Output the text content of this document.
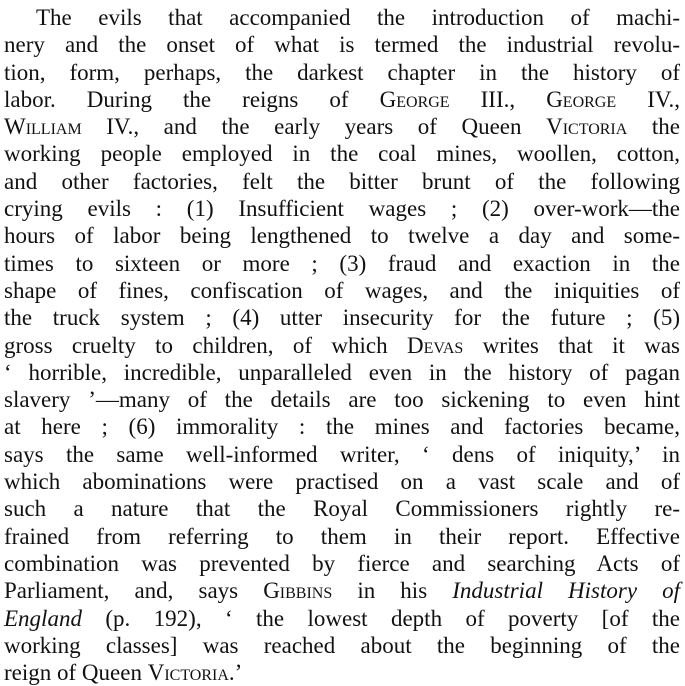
The evils that accompanied the introduction of machi-
nery and the onset of what is termed the industrial revolu-
tion, form, perhaps, the darkest chapter in the history of
labor. During the reigns of George III., George IV.,
William IV., and the early years of Queen Victoria the
working people employed in the coal mines, woollen, cotton,
and other factories, felt the bitter brunt of the following
crying evils : (1) Insufficient wages ; (2) over-work—the
hours of labor being lengthened to twelve a day and some-
times to sixteen or more ; (3) fraud and exaction in the
shape of fines, confiscation of wages, and the iniquities of
the truck system ; (4) utter insecurity for the future ; (5)
gross cruelty to children, of which Devas writes that it was
‘ horrible, incredible, unparalleled even in the history of pagan
slavery ’—many of the details are too sickening to even hint
at here ; (6) immorality : the mines and factories became,
says the same well-informed writer, ‘ dens of iniquity,’ in
which abominations were practised on a vast scale and of
such a nature that the Royal Commissioners rightly re-
frained from referring to them in their report. Effective
combination was prevented by fierce and searching Acts of
Parliament, and, says Gibbins in his Industrial History of
England (p. 192), ‘ the lowest depth of poverty [of the
working classes] was reached about the beginning of the
reign of Queen Victoria.’
